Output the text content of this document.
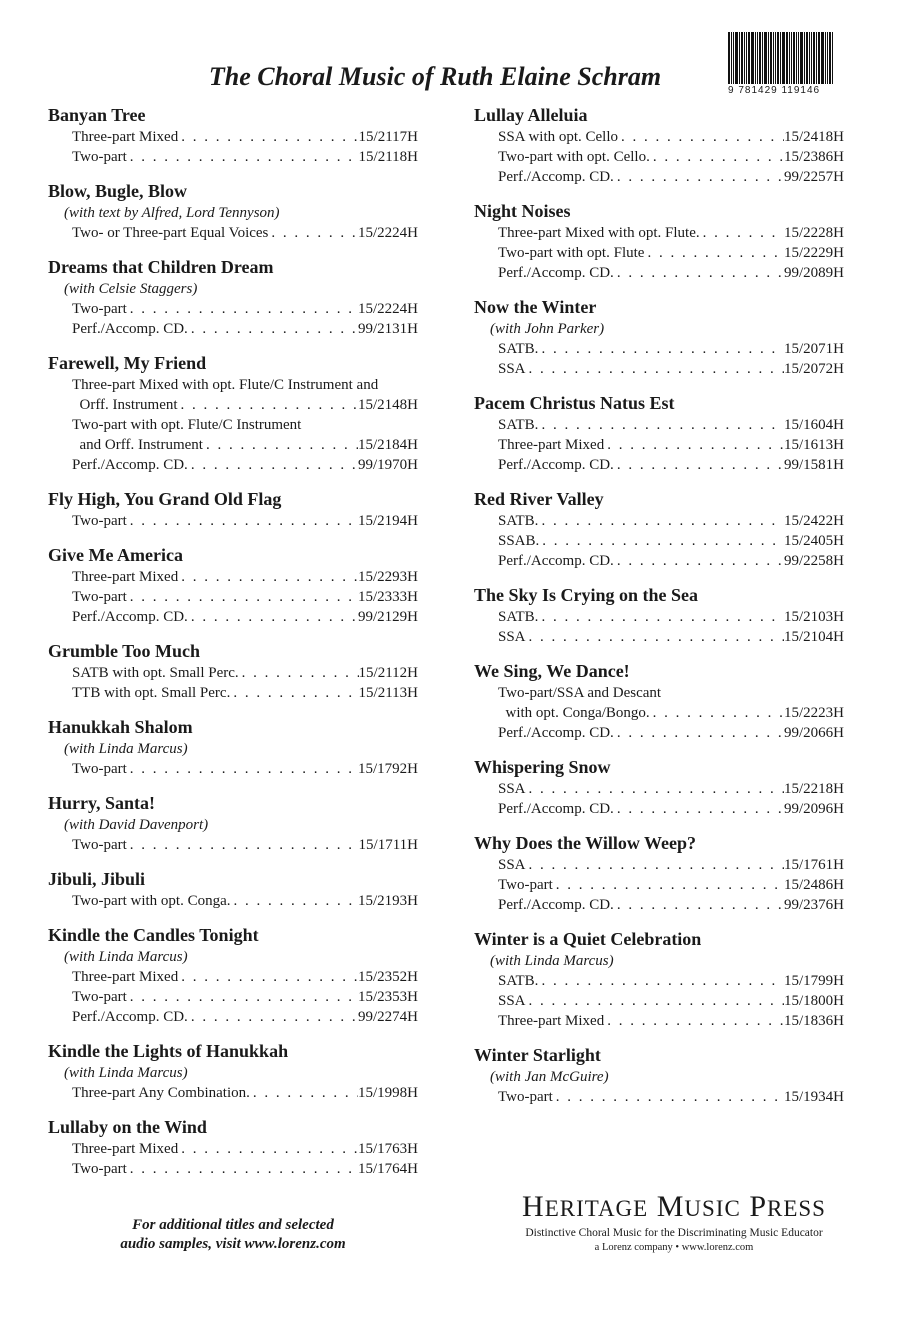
The Choral Music of Ruth Elaine Schram	9 781429 119146
Banyan Tree
Three-part Mixed . . .	15/2117H
Two-part . . .	15/2118H
Blow, Bugle, Blow
(with text by Alfred, Lord Tennyson)
Two- or Three-part Equal Voices . . .	15/2224H
Dreams that Children Dream
(with Celsie Staggers)
Two-part . . .	15/2224H
Perf./Accomp. CD. . . .	99/2131H
Farewell, My Friend
Three-part Mixed with opt. Flute/C Instrument and
Orff. Instrument . . .	15/2148H
Two-part with opt. Flute/C Instrument
and Orff. Instrument . . .	15/2184H
Perf./Accomp. CD. . . .	99/1970H
Fly High, You Grand Old Flag
Two-part . . .	15/2194H
Give Me America
Three-part Mixed . . .	15/2293H
Two-part . . .	15/2333H
Perf./Accomp. CD. . . .	99/2129H
Grumble Too Much
SATB with opt. Small Perc. . . .	15/2112H
TTB with opt. Small Perc. . . .	15/2113H
Hanukkah Shalom
(with Linda Marcus)
Two-part . . .	15/1792H
Hurry, Santa!
(with David Davenport)
Two-part . . .	15/1711H
Jibuli, Jibuli
Two-part with opt. Conga. . . .	15/2193H
Kindle the Candles Tonight
(with Linda Marcus)
Three-part Mixed . . .	15/2352H
Two-part . . .	15/2353H
Perf./Accomp. CD. . . .	99/2274H
Kindle the Lights of Hanukkah
(with Linda Marcus)
Three-part Any Combination. . . .	15/1998H
Lullaby on the Wind
Three-part Mixed . . .	15/1763H
Two-part . . .	15/1764H
Lullay Alleluia
SSA with opt. Cello . . .	15/2418H
Two-part with opt. Cello. . . .	15/2386H
Perf./Accomp. CD. . . .	99/2257H
Night Noises
Three-part Mixed with opt. Flute. . . .	15/2228H
Two-part with opt. Flute . . .	15/2229H
Perf./Accomp. CD. . . .	99/2089H
Now the Winter
(with John Parker)
SATB. . . .	15/2071H
SSA . . .	15/2072H
Pacem Christus Natus Est
SATB. . . .	15/1604H
Three-part Mixed . . .	15/1613H
Perf./Accomp. CD. . . .	99/1581H
Red River Valley
SATB. . . .	15/2422H
SSAB. . . .	15/2405H
Perf./Accomp. CD. . . .	99/2258H
The Sky Is Crying on the Sea
SATB. . . .	15/2103H
SSA . . .	15/2104H
We Sing, We Dance!
Two-part/SSA and Descant
with opt. Conga/Bongo. . . .	15/2223H
Perf./Accomp. CD. . . .	99/2066H
Whispering Snow
SSA . . .	15/2218H
Perf./Accomp. CD. . . .	99/2096H
Why Does the Willow Weep?
SSA . . .	15/1761H
Two-part . . .	15/2486H
Perf./Accomp. CD. . . .	99/2376H
Winter is a Quiet Celebration
(with Linda Marcus)
SATB. . . .	15/1799H
SSA . . .	15/1800H
Three-part Mixed . . .	15/1836H
Winter Starlight
(with Jan McGuire)
Two-part . . .	15/1934H
For additional titles and selected
audio samples, visit www.lorenz.com
HERITAGE MUSIC PRESS
Distinctive Choral Music for the Discriminating Music Educator
a Lorenz company • www.lorenz.com
